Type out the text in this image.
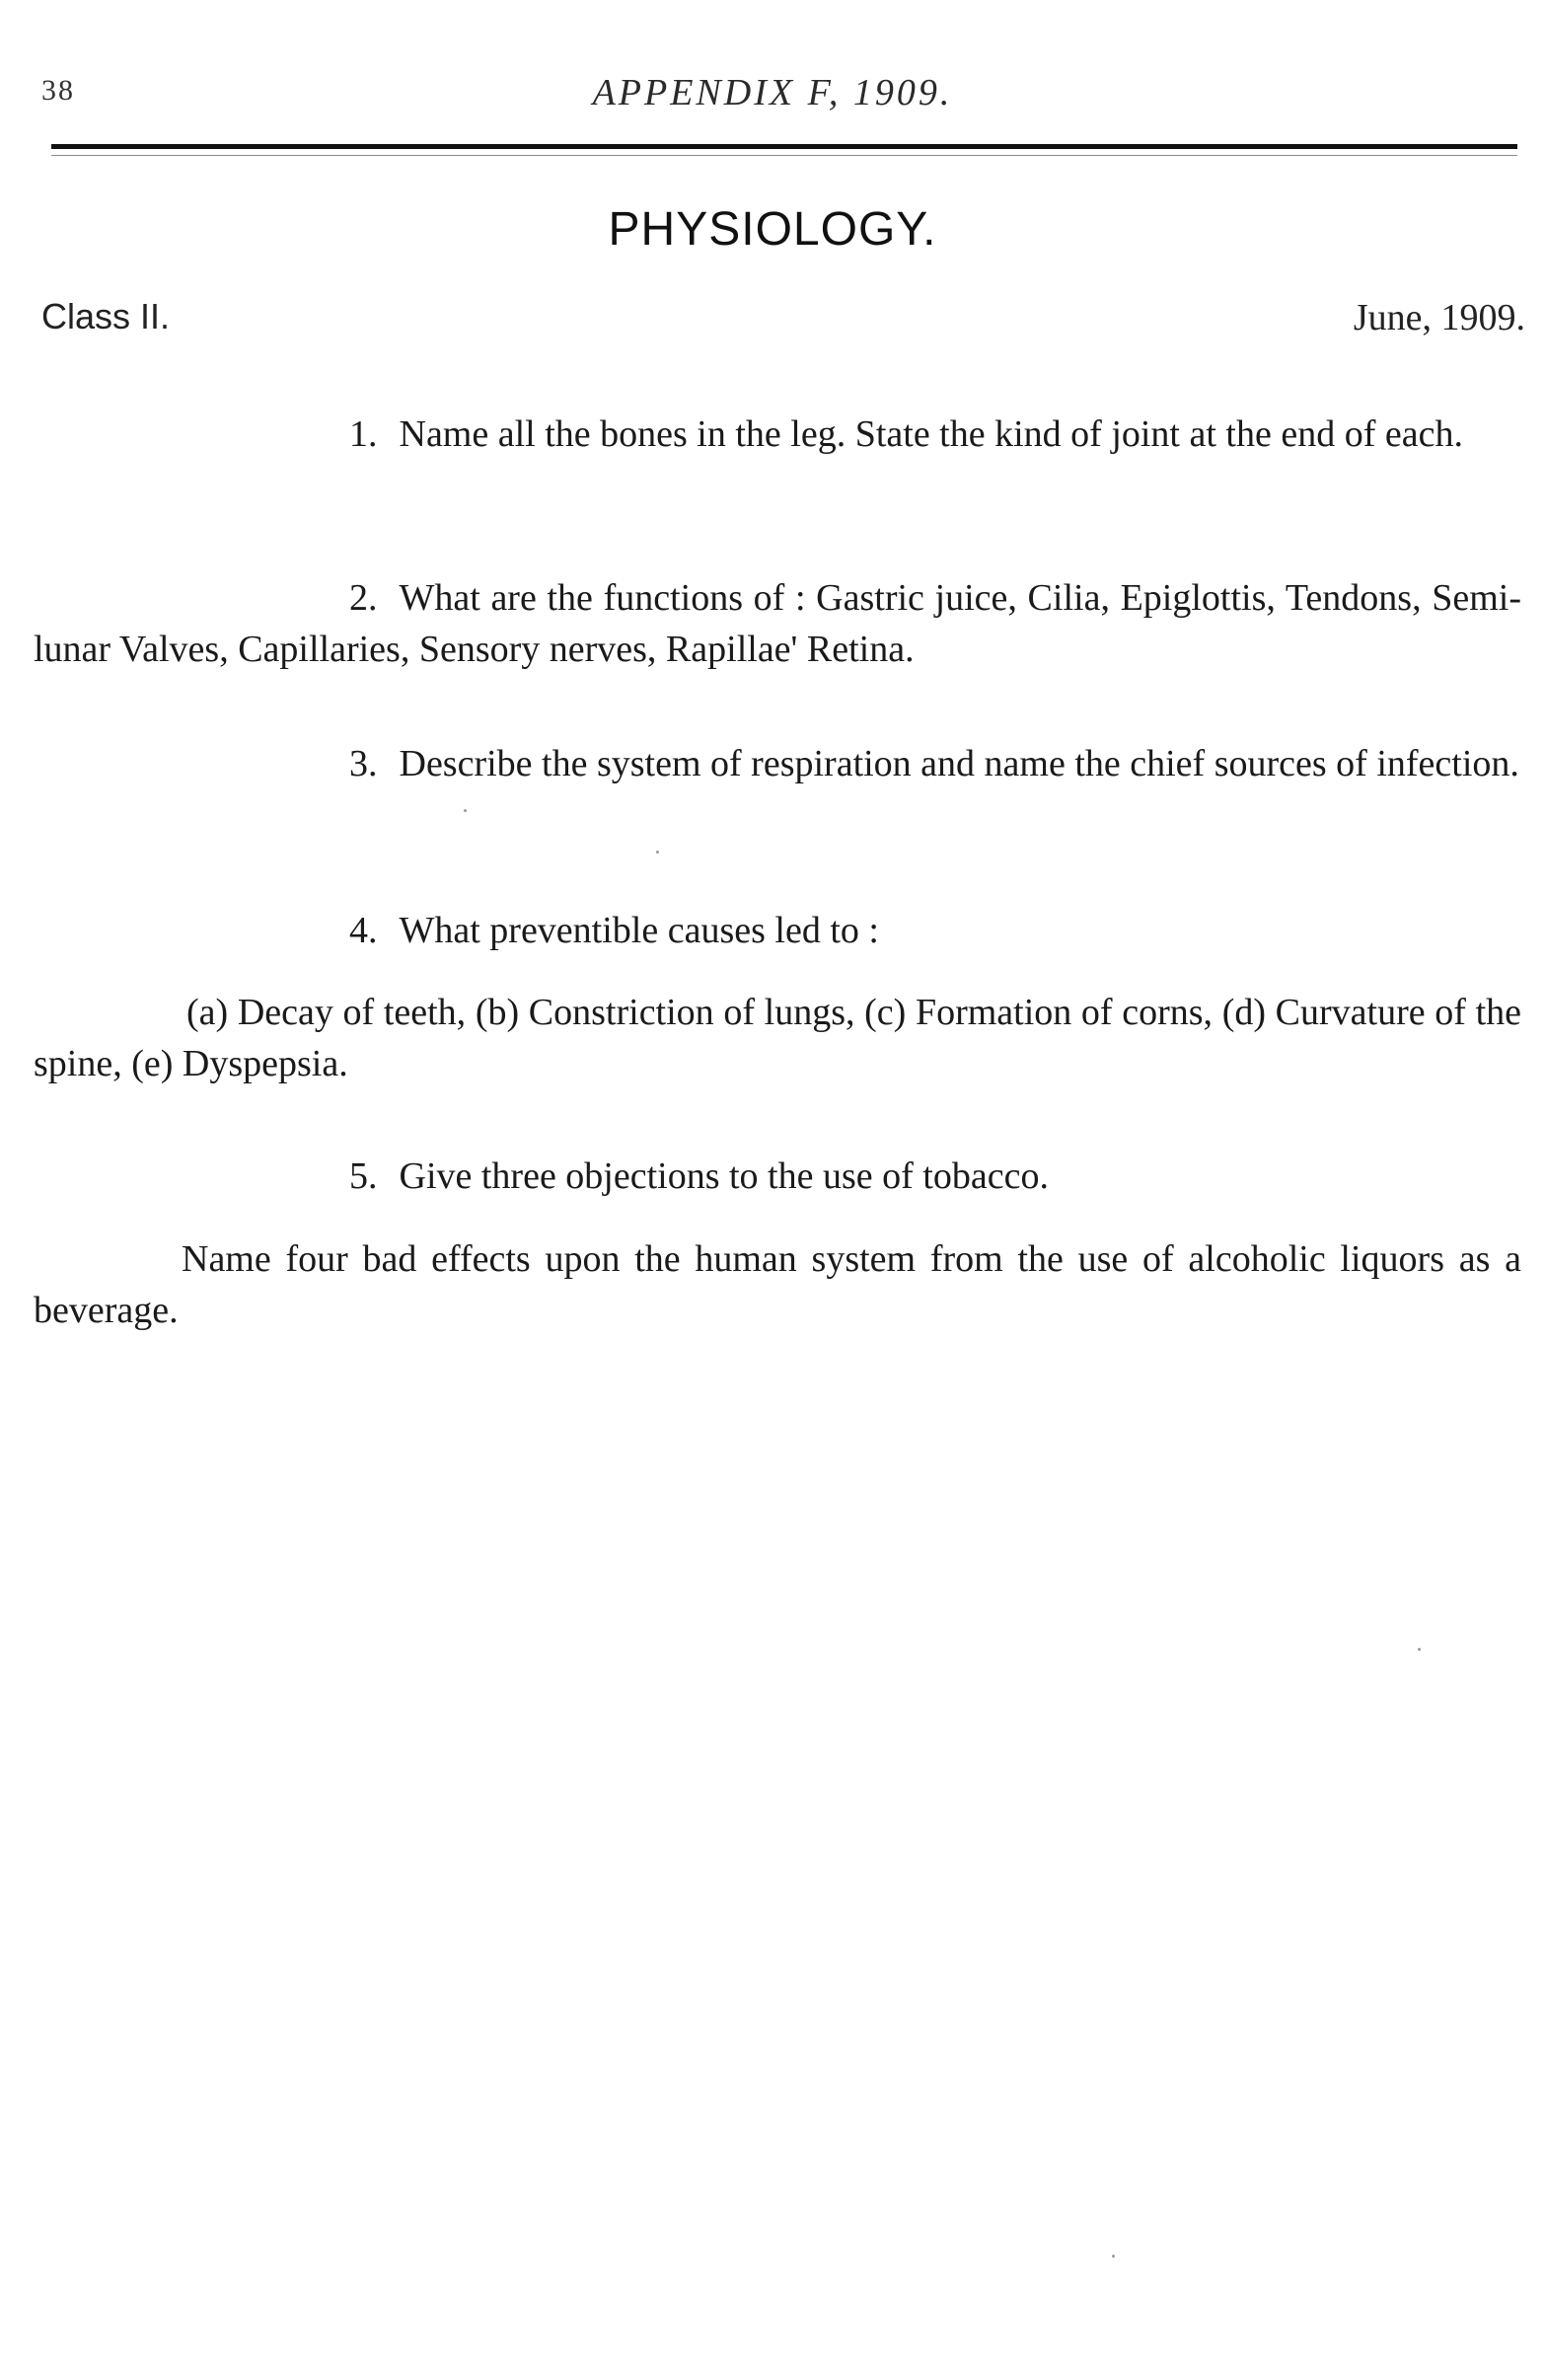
38	APPENDIX F, 1909.
PHYSIOLOGY.
Class II.	June, 1909.
1. Name all the bones in the leg. State the kind of joint at the end of each.
2. What are the functions of : Gastric juice, Cilia, Epiglottis, Tendons, Semi-lunar Valves, Capillaries, Sensory nerves, Rapillae' Retina.
3. Describe the system of respiration and name the chief sources of infection.
4. What preventible causes led to :
(a) Decay of teeth, (b) Constriction of lungs, (c) Formation of corns, (d) Curvature of the spine, (e) Dyspepsia.
5. Give three objections to the use of tobacco.
Name four bad effects upon the human system from the use of alcoholic liquors as a beverage.
